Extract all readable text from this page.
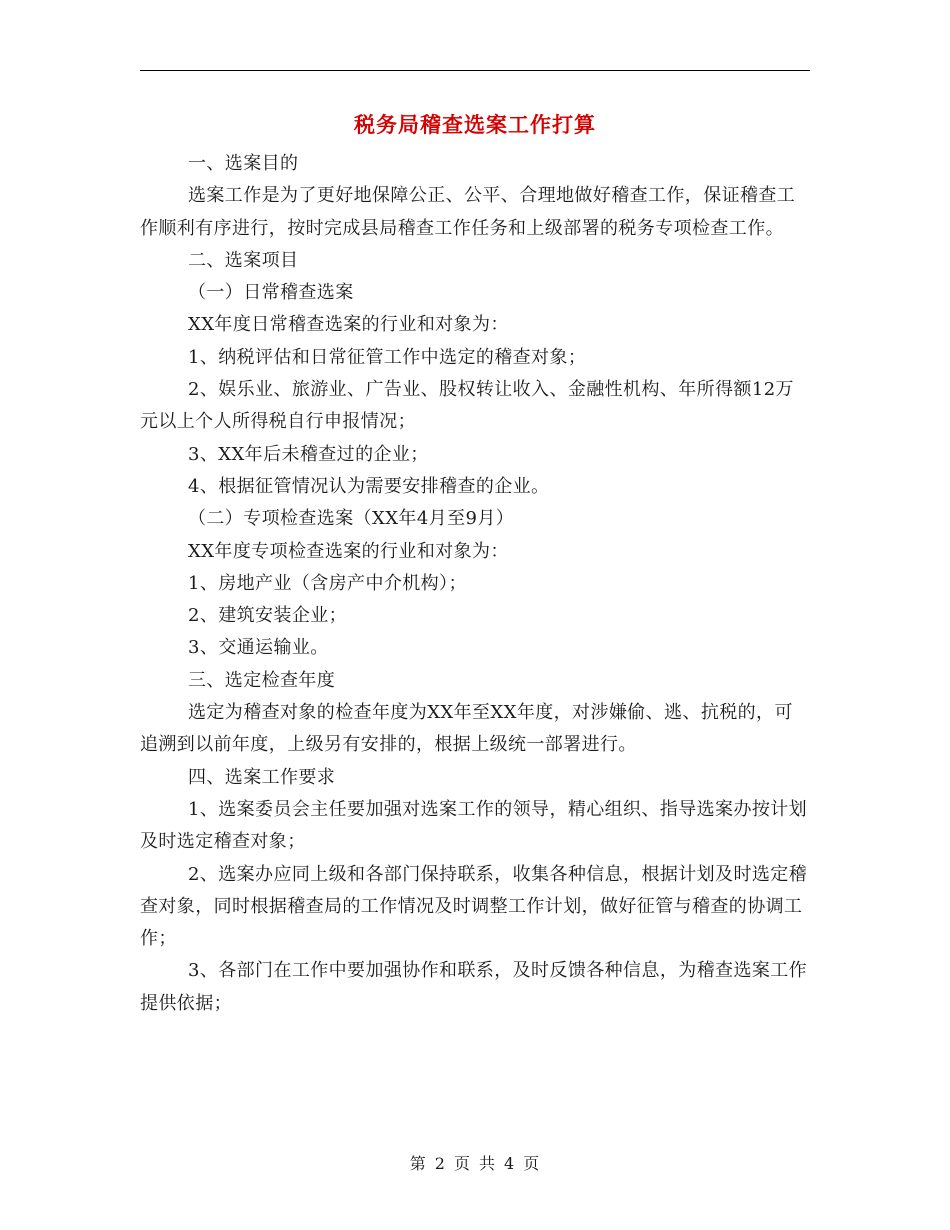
税务局稽查选案工作打算

一、选案目的

选案工作是为了更好地保障公正、公平、合理地做好稽查工作，保证稽查工作顺利有序进行，按时完成县局稽查工作任务和上级部署的税务专项检查工作。

二、选案项目

（一）日常稽查选案

XX年度日常稽查选案的行业和对象为：

1、纳税评估和日常征管工作中选定的稽查对象；

2、娱乐业、旅游业、广告业、股权转让收入、金融性机构、年所得额12万元以上个人所得税自行申报情况；

3、XX年后未稽查过的企业；

4、根据征管情况认为需要安排稽查的企业。

（二）专项检查选案（XX年4月至9月）

XX年度专项检查选案的行业和对象为：

1、房地产业（含房产中介机构）；

2、建筑安装企业；

3、交通运输业。

三、选定检查年度

选定为稽查对象的检查年度为XX年至XX年度，对涉嫌偷、逃、抗税的，可追溯到以前年度，上级另有安排的，根据上级统一部署进行。

四、选案工作要求

1、选案委员会主任要加强对选案工作的领导，精心组织、指导选案办按计划及时选定稽查对象；

2、选案办应同上级和各部门保持联系，收集各种信息，根据计划及时选定稽查对象，同时根据稽查局的工作情况及时调整工作计划，做好征管与稽查的协调工作；

3、各部门在工作中要加强协作和联系，及时反馈各种信息，为稽查选案工作提供依据；

第 2 页 共 4 页
